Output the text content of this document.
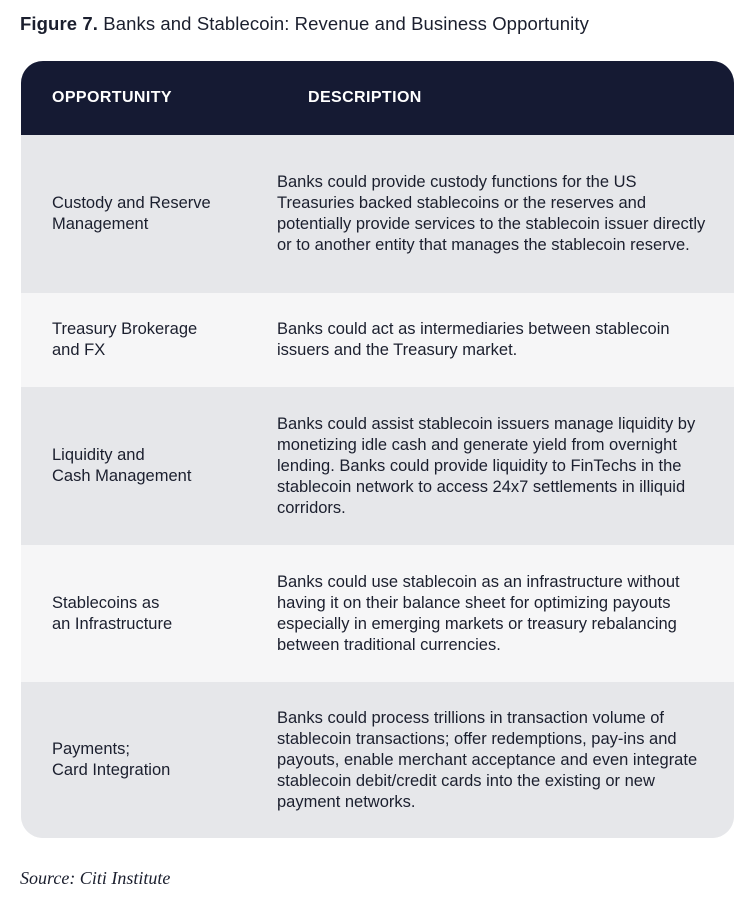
Figure 7. Banks and Stablecoin: Revenue and Business Opportunity
OPPORTUNITY	DESCRIPTION
Custody and Reserve
Management
Banks could provide custody functions for the US Treasuries backed stablecoins or the reserves and potentially provide services to the stablecoin issuer directly or to another entity that manages the stablecoin reserve.
Treasury Brokerage
and FX
Banks could act as intermediaries between stablecoin issuers and the Treasury market.
Liquidity and
Cash Management
Banks could assist stablecoin issuers manage liquidity by monetizing idle cash and generate yield from overnight lending. Banks could provide liquidity to FinTechs in the stablecoin network to access 24x7 settlements in illiquid corridors.
Stablecoins as
an Infrastructure
Banks could use stablecoin as an infrastructure without having it on their balance sheet for optimizing payouts especially in emerging markets or treasury rebalancing between traditional currencies.
Payments;
Card Integration
Banks could process trillions in transaction volume of stablecoin transactions; offer redemptions, pay-ins and payouts, enable merchant acceptance and even integrate stablecoin debit/credit cards into the existing or new payment networks.
Source: Citi Institute
